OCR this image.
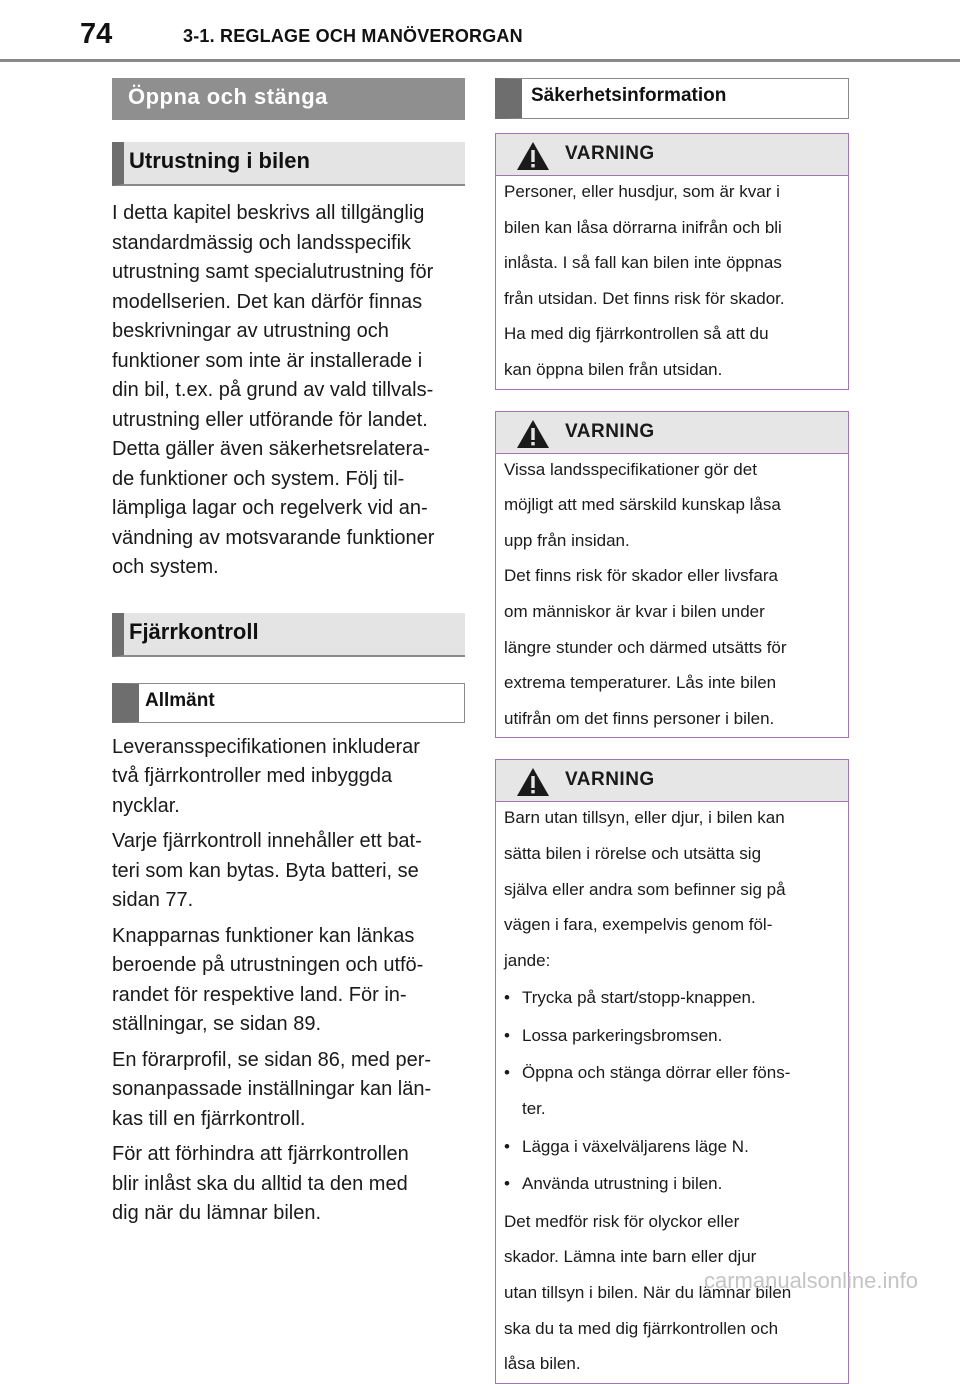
74	3-1. REGLAGE OCH MANÖVERORGAN
Öppna och stänga
Utrustning i bilen

I detta kapitel beskrivs all tillgänglig

standardmässig och landsspecifik

utrustning samt specialutrustning för

modellserien. Det kan därför finnas

beskrivningar av utrustning och

funktioner som inte är installerade i

din bil, t.ex. på grund av vald tillvals-

utrustning eller utförande för landet.

Detta gäller även säkerhetsrelatera-

de funktioner och system. Följ til-

lämpliga lagar och regelverk vid an-

vändning av motsvarande funktioner

och system.

Fjärrkontroll
Allmänt

Leveransspecifikationen inkluderar

två fjärrkontroller med inbyggda

nycklar.

Varje fjärrkontroll innehåller ett bat-

teri som kan bytas. Byta batteri, se

sidan 77.

Knapparnas funktioner kan länkas

beroende på utrustningen och utfö-

randet för respektive land. För in-

ställningar, se sidan 89.

En förarprofil, se sidan 86, med per-

sonanpassade inställningar kan län-

kas till en fjärrkontroll.

För att förhindra att fjärrkontrollen

blir inlåst ska du alltid ta den med

dig när du lämnar bilen.

Säkerhetsinformation
VARNING

Personer, eller husdjur, som är kvar i

bilen kan låsa dörrarna inifrån och bli

inlåsta. I så fall kan bilen inte öppnas

från utsidan. Det finns risk för skador.

Ha med dig fjärrkontrollen så att du

kan öppna bilen från utsidan.

VARNING

Vissa landsspecifikationer gör det

möjligt att med särskild kunskap låsa

upp från insidan.

Det finns risk för skador eller livsfara

om människor är kvar i bilen under

längre stunder och därmed utsätts för

extrema temperaturer. Lås inte bilen

utifrån om det finns personer i bilen.

VARNING

Barn utan tillsyn, eller djur, i bilen kan

sätta bilen i rörelse och utsätta sig

själva eller andra som befinner sig på

vägen i fara, exempelvis genom föl-

jande:

• Trycka på start/stopp-knappen.

• Lossa parkeringsbromsen.

• Öppna och stänga dörrar eller föns-

ter.

• Lägga i växelväljarens läge N.

• Använda utrustning i bilen.

Det medför risk för olyckor eller

skador. Lämna inte barn eller djur

utan tillsyn i bilen. När du lämnar bilen

ska du ta med dig fjärrkontrollen och

låsa bilen.

carmanualsonline.info
